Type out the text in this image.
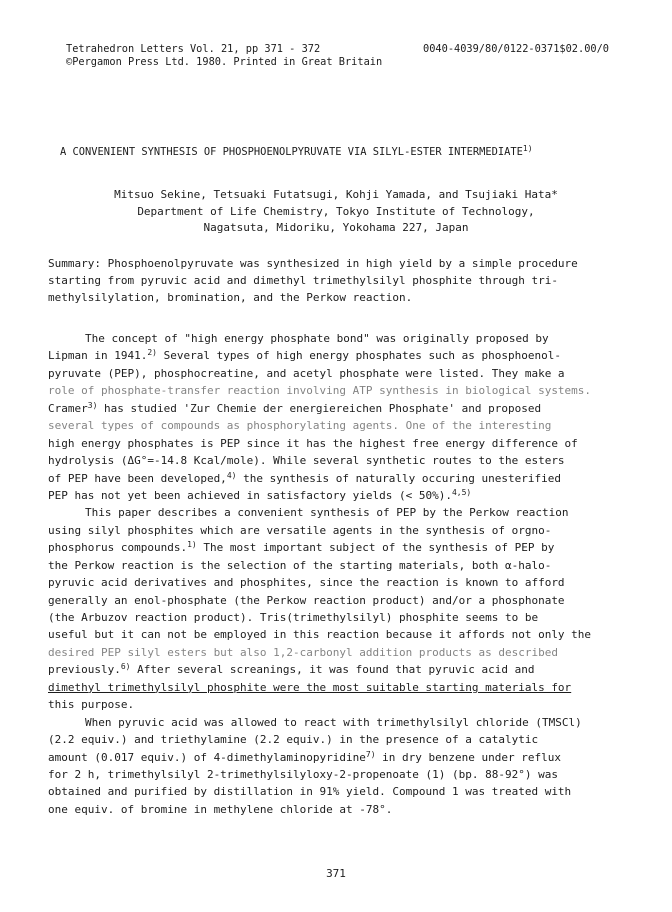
Tetrahedron Letters Vol. 21, pp 371 - 372
©Pergamon Press Ltd. 1980. Printed in Great Britain
0040-4039/80/0122-0371$02.00/0
A CONVENIENT SYNTHESIS OF PHOSPHOENOLPYRUVATE VIA SILYL-ESTER INTERMEDIATE$^{1)}$
Mitsuo Sekine, Tetsuaki Futatsugi, Kohji Yamada, and Tsujiaki Hata*
Department of Life Chemistry, Tokyo Institute of Technology,
Nagatsuta, Midoriku, Yokohama 227, Japan
Summary: Phosphoenolpyruvate was synthesized in high yield by a simple procedure
starting from pyruvic acid and dimethyl trimethylsilyl phosphite through tri-
methylsilylation, bromination, and the Perkow reaction.
The concept of "high energy phosphate bond" was originally proposed by
Lipman in 1941.$^{2)}$ Several types of high energy phosphates such as phosphoenol-
pyruvate (PEP), phosphocreatine, and acetyl phosphate were listed. They make a
role of phosphate-transfer reaction involving ATP synthesis in biological systems.
Cramer$^{3)}$ has studied 'Zur Chemie der energiereichen Phosphate' and proposed
several types of compounds as phosphorylating agents. One of the interesting
high energy phosphates is PEP since it has the highest free energy difference of
hydrolysis (ΔG°=-14.8 Kcal/mole). While several synthetic routes to the esters
of PEP have been developed,$^{4)}$ the synthesis of naturally occuring unesterified
PEP has not yet been achieved in satisfactory yields (< 50%).$^{4,5)}$
This paper describes a convenient synthesis of PEP by the Perkow reaction
using silyl phosphites which are versatile agents in the synthesis of orgno-
phosphorus compounds.$^{1)}$ The most important subject of the synthesis of PEP by
the Perkow reaction is the selection of the starting materials, both α-halo-
pyruvic acid derivatives and phosphites, since the reaction is known to afford
generally an enol-phosphate (the Perkow reaction product) and/or a phosphonate
(the Arbuzov reaction product). Tris(trimethylsilyl) phosphite seems to be
useful but it can not be employed in this reaction because it affords not only the
desired PEP silyl esters but also 1,2-carbonyl addition products as described
previously.$^{6)}$ After several screanings, it was found that pyruvic acid and
dimethyl trimethylsilyl phosphite were the most suitable starting materials for
this purpose.
When pyruvic acid was allowed to react with trimethylsilyl chloride (TMSCl)
(2.2 equiv.) and triethylamine (2.2 equiv.) in the presence of a catalytic
amount (0.017 equiv.) of 4-dimethylaminopyridine$^{7)}$ in dry benzene under reflux
for 2 h, trimethylsilyl 2-trimethylsilyloxy-2-propenoate (1) (bp. 88-92°) was
obtained and purified by distillation in 91% yield. Compound 1 was treated with
one equiv. of bromine in methylene chloride at -78°.
371
